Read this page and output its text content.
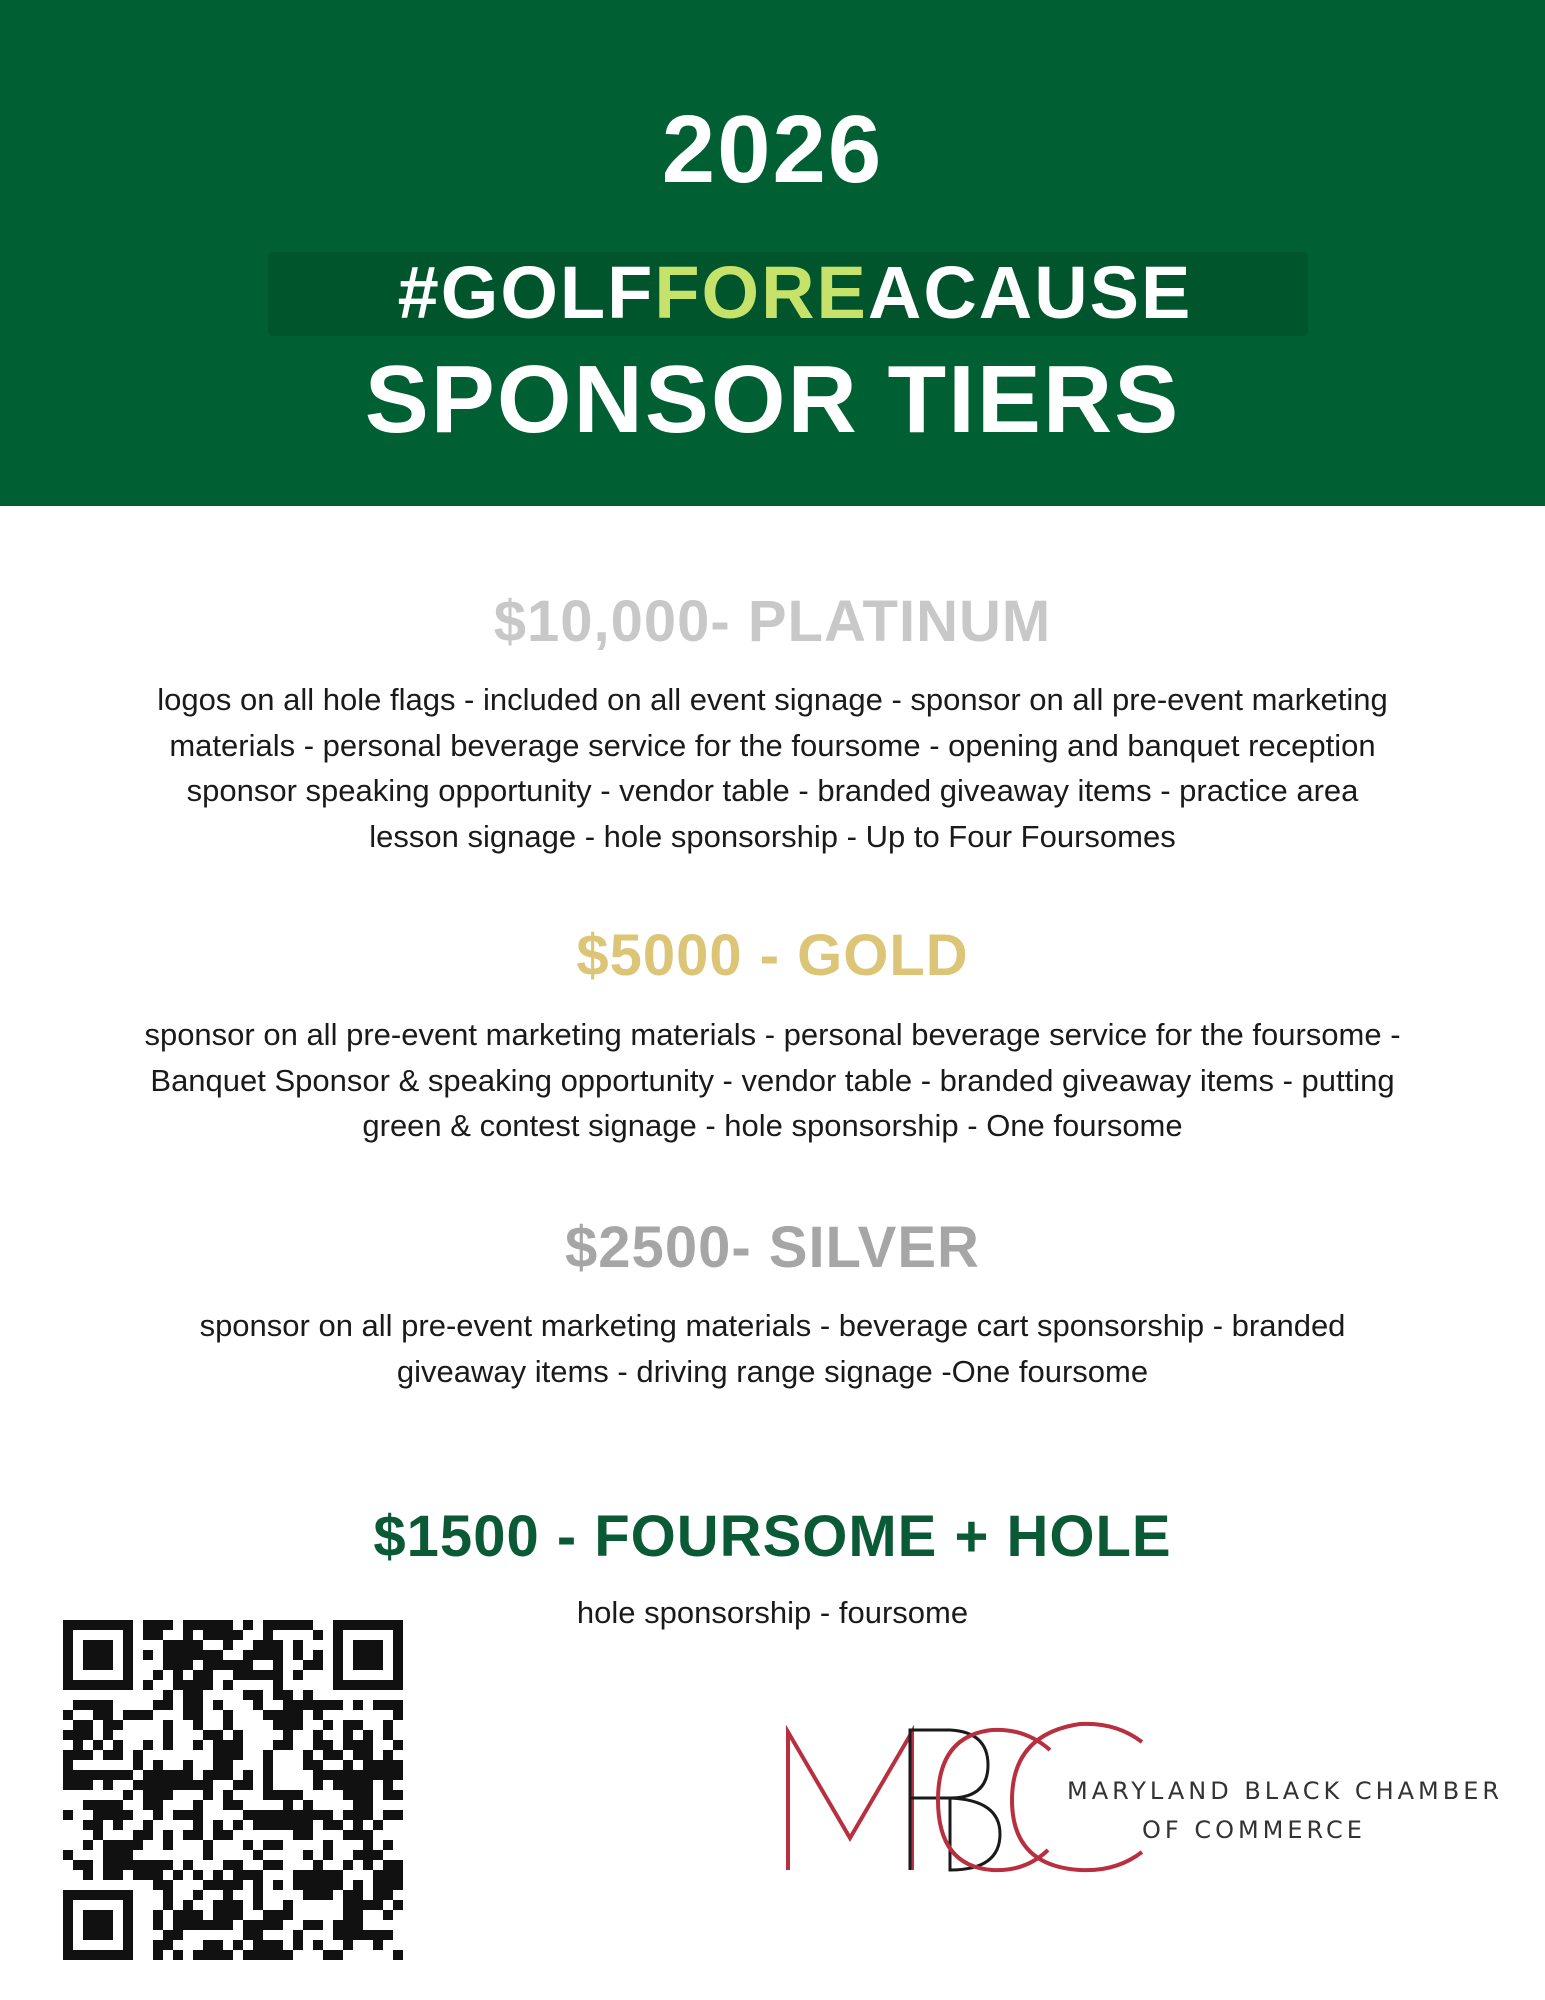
2026
#GOLFFOREACAUSE
SPONSOR TIERS
$10,000- PLATINUM
logos on all hole flags - included on all event signage - sponsor on all pre-event marketing materials - personal beverage service for the foursome - opening and banquet reception sponsor speaking opportunity - vendor table - branded giveaway items - practice area lesson signage - hole sponsorship - Up to Four Foursomes
$5000 - GOLD
sponsor on all pre-event marketing materials - personal beverage service for the foursome - Banquet Sponsor & speaking opportunity - vendor table - branded giveaway items - putting green & contest signage - hole sponsorship - One foursome
$2500- SILVER
sponsor on all pre-event marketing materials - beverage cart sponsorship - branded giveaway items - driving range signage -One foursome
$1500 - FOURSOME + HOLE
hole sponsorship - foursome
MARYLAND BLACK CHAMBER
OF COMMERCE
